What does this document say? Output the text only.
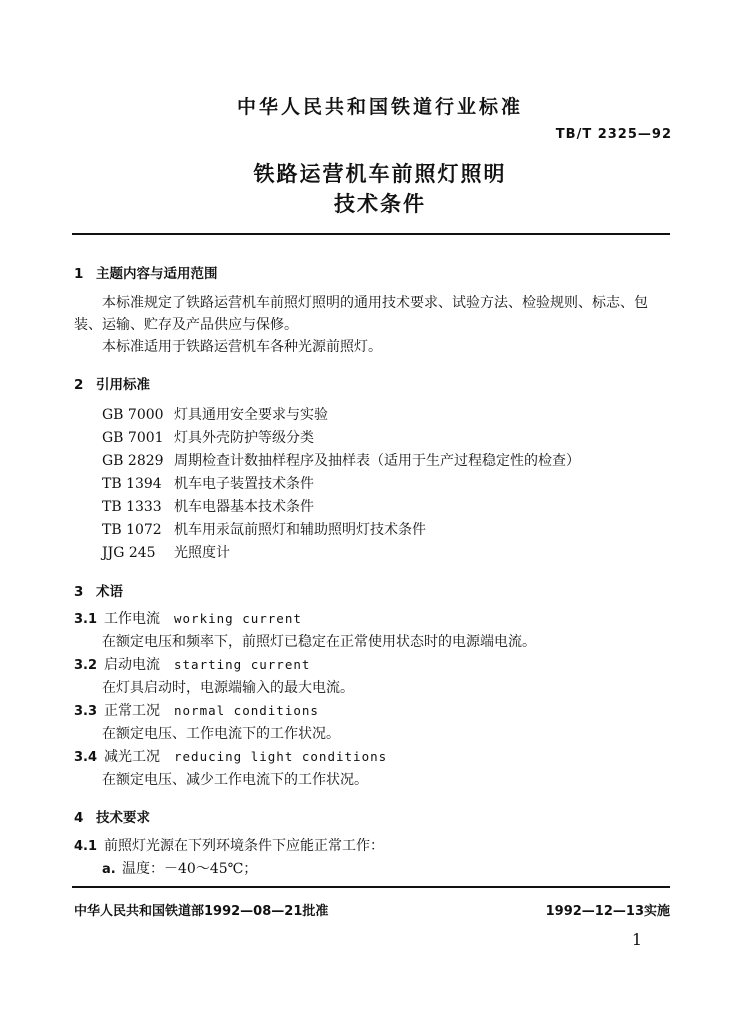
中华人民共和国铁道行业标准
TB/T 2325—92
铁路运营机车前照灯照明
技术条件
1 主题内容与适用范围
本标准规定了铁路运营机车前照灯照明的通用技术要求、试验方法、检验规则、标志、包
装、运输、贮存及产品供应与保修。
本标准适用于铁路运营机车各种光源前照灯。
2 引用标准
GB 7000 灯具通用安全要求与实验
GB 7001 灯具外壳防护等级分类
GB 2829 周期检查计数抽样程序及抽样表（适用于生产过程稳定性的检查）
TB 1394 机车电子装置技术条件
TB 1333 机车电器基本技术条件
TB 1072 机车用汞氙前照灯和辅助照明灯技术条件
JJG 245 光照度计
3 术语
3.1 工作电流 working current
在额定电压和频率下，前照灯已稳定在正常使用状态时的电源端电流。
3.2 启动电流 starting current
在灯具启动时，电源端输入的最大电流。
3.3 正常工况 normal conditions
在额定电压、工作电流下的工作状况。
3.4 减光工况 reducing light conditions
在额定电压、减少工作电流下的工作状况。
4 技术要求
4.1 前照灯光源在下列环境条件下应能正常工作：
a. 温度：－40～45℃；
中华人民共和国铁道部1992—08—21批准	1992—12—13实施
1
